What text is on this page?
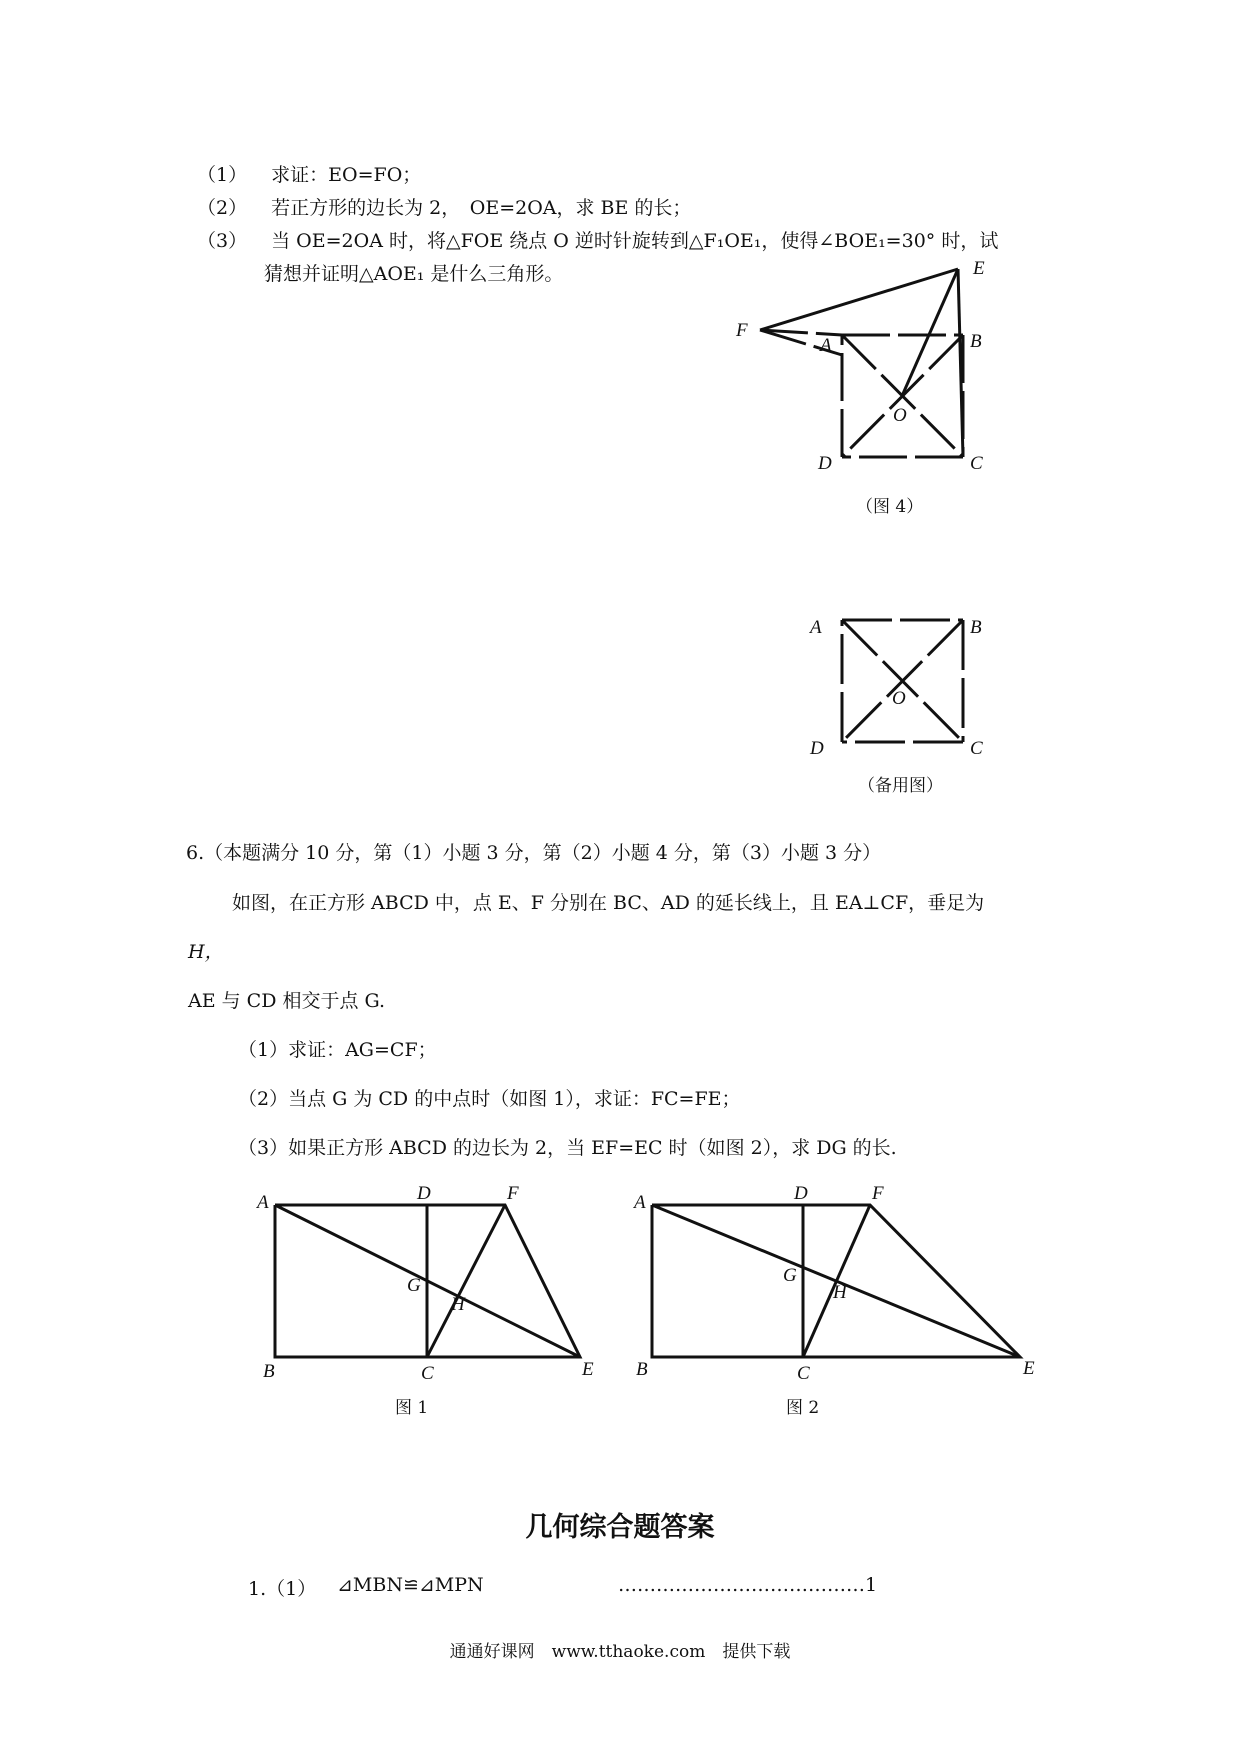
（1） 求证：EO=FO；
（2） 若正方形的边长为 2，　OE=2OA，求 BE 的长；
（3） 当 OE=2OA 时，将△FOE 绕点 O 逆时针旋转到△F₁OE₁，使得∠BOE₁=30° 时，试
猜想并证明△AOE₁ 是什么三角形。	E
F
A	B
O
D	C
（图 4）
A	B
O
D	C
（备用图）
6.（本题满分 10 分，第（1）小题 3 分，第（2）小题 4 分，第（3）小题 3 分）
如图，在正方形 ABCD 中，点 E、F 分别在 BC、AD 的延长线上，且 EA⊥CF，垂足为
H，
AE 与 CD 相交于点 G.
（1）求证：AG=CF；
（2）当点 G 为 CD 的中点时（如图 1），求证：FC=FE；
（3）如果正方形 ABCD 的边长为 2，当 EF=EC 时（如图 2），求 DG 的长.
A	D	F
G
H
B	C	E
图 1
A	D	F
G
H
B	C	E
图 2
几何综合题答案
1.（1） ⊿MBN≌⊿MPN	…………………………………1
通通好课网　www.tthaoke.com　提供下载
